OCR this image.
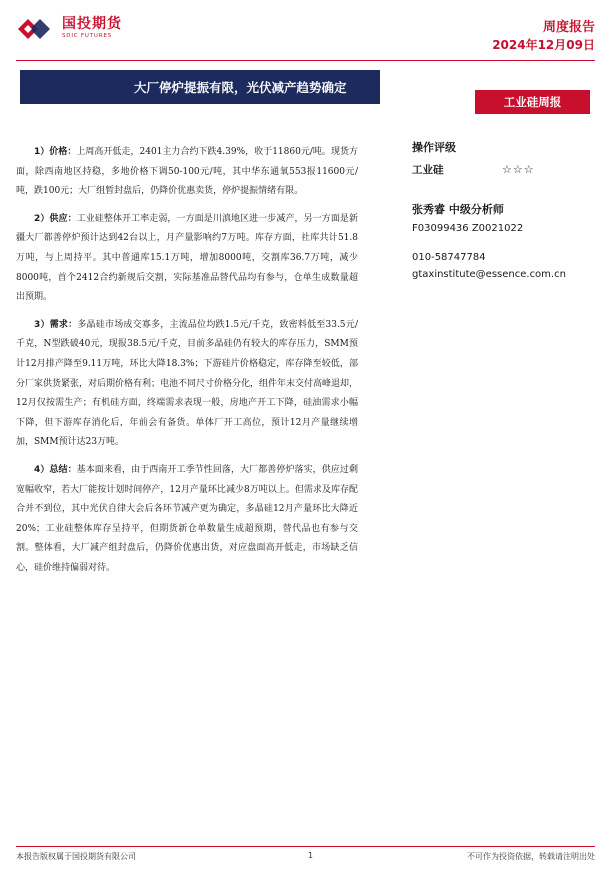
国投期货
SDIC FUTURES
周度报告
2024年12月09日
大厂停炉提振有限，光伏减产趋势确定
工业硅周报

1）价格：上周高开低走，2401主力合约下跌4.39%，收于11860元/吨。现货方面，除西南地区持稳，多地价格下调50-100元/吨，其中华东通氧553报11600元/吨，跌100元；大厂组暂封盘后，仍降价优惠卖货，停炉提振情绪有限。

2）供应：工业硅整体开工率走弱，一方面是川滇地区进一步减产，另一方面是新疆大厂都善停炉预计达到42台以上，月产量影响约7万吨。库存方面，社库共计51.8万吨，与上周持平。其中普通库15.1万吨，增加8000吨，交割库36.7万吨，减少8000吨，首个2412合约新规后交割，实际基准品替代品均有参与，仓单生成数量超出预期。

3）需求：多晶硅市场成交寡多，主流品位均跌1.5元/千克，致密料低至33.5元/千克，N型跌破40元，现报38.5元/千克，目前多晶硅仍有较大的库存压力，SMM预计12月排产降至9.11万吨，环比大降18.3%；下游硅片价格稳定，库存降至较低，部分厂家供货紧张，对后期价格有利；电池不同尺寸价格分化，组件年末交付高峰退却，12月仅按需生产；有机硅方面，终端需求表现一般，房地产开工下降，硅油需求小幅下降，但下游库存消化后，年前会有备货。单体厂开工高位，预计12月产量继续增加，SMM预计达23万吨。

4）总结：基本面来看，由于西南开工季节性回落，大厂都善停炉落实，供应过剩宽幅收窄，若大厂能按计划时间停产，12月产量环比减少8万吨以上。但需求及库存配合并不到位，其中光伏自律大会后各环节减产更为确定，多晶硅12月产量环比大降近20%；工业硅整体库存呈持平，但期货新仓单数量生成超预期，替代品也有参与交割。整体看，大厂减产组封盘后，仍降价优惠出货，对应盘面高开低走，市场缺乏信心，硅价维持偏弱对待。

操作评级
工业硅	☆☆☆
张秀睿 中级分析师
F03099436 Z0021022
010-58747784
gtaxinstitute@essence.com.cn
本报告版权属于国投期货有限公司	1	不可作为投资依据，转载请注明出处
